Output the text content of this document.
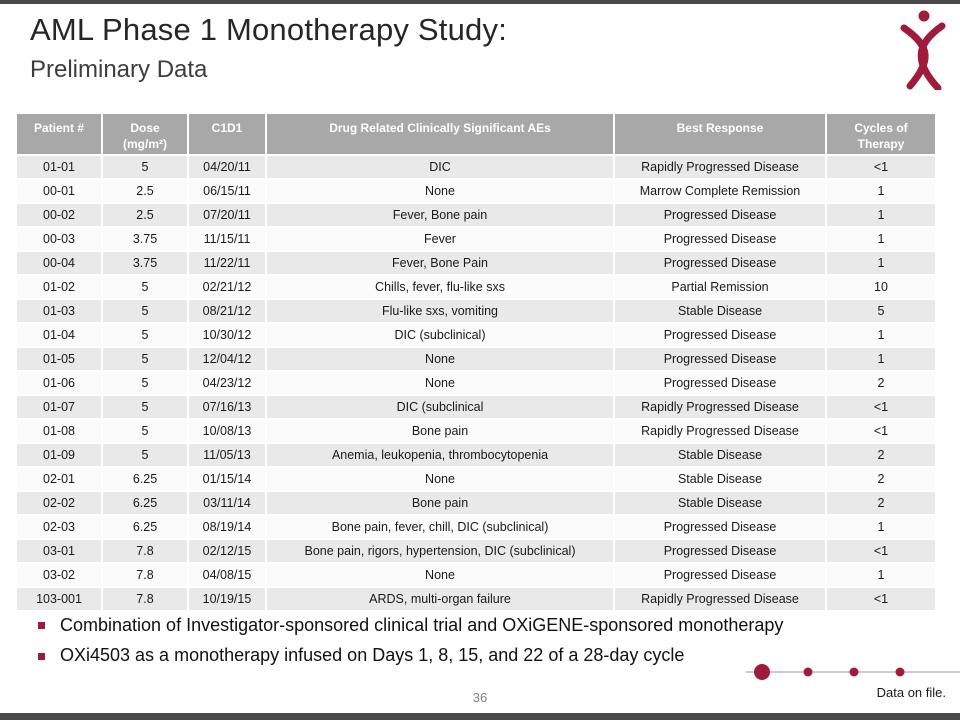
AML Phase 1 Monotherapy Study:
Preliminary Data
Patient #	Dose (mg/m²)	C1D1	Drug Related Clinically Significant AEs	Best Response	Cycles of Therapy
01-01	5	04/20/11	DIC	Rapidly Progressed Disease	<1
00-01	2.5	06/15/11	None	Marrow Complete Remission	1
00-02	2.5	07/20/11	Fever, Bone pain	Progressed Disease	1
00-03	3.75	11/15/11	Fever	Progressed Disease	1
00-04	3.75	11/22/11	Fever, Bone Pain	Progressed Disease	1
01-02	5	02/21/12	Chills, fever, flu-like sxs	Partial Remission	10
01-03	5	08/21/12	Flu-like sxs, vomiting	Stable Disease	5
01-04	5	10/30/12	DIC (subclinical)	Progressed Disease	1
01-05	5	12/04/12	None	Progressed Disease	1
01-06	5	04/23/12	None	Progressed Disease	2
01-07	5	07/16/13	DIC (subclinical	Rapidly Progressed Disease	<1
01-08	5	10/08/13	Bone pain	Rapidly Progressed Disease	<1
01-09	5	11/05/13	Anemia, leukopenia, thrombocytopenia	Stable Disease	2
02-01	6.25	01/15/14	None	Stable Disease	2
02-02	6.25	03/11/14	Bone pain	Stable Disease	2
02-03	6.25	08/19/14	Bone pain, fever, chill, DIC (subclinical)	Progressed Disease	1
03-01	7.8	02/12/15	Bone pain, rigors, hypertension, DIC (subclinical)	Progressed Disease	<1
03-02	7.8	04/08/15	None	Progressed Disease	1
103-001	7.8	10/19/15	ARDS, multi-organ failure	Rapidly Progressed Disease	<1
Combination of Investigator-sponsored clinical trial and OXiGENE-sponsored monotherapy
OXi4503 as a monotherapy infused on Days 1, 8, 15, and 22 of a 28-day cycle
36	Data on file.
